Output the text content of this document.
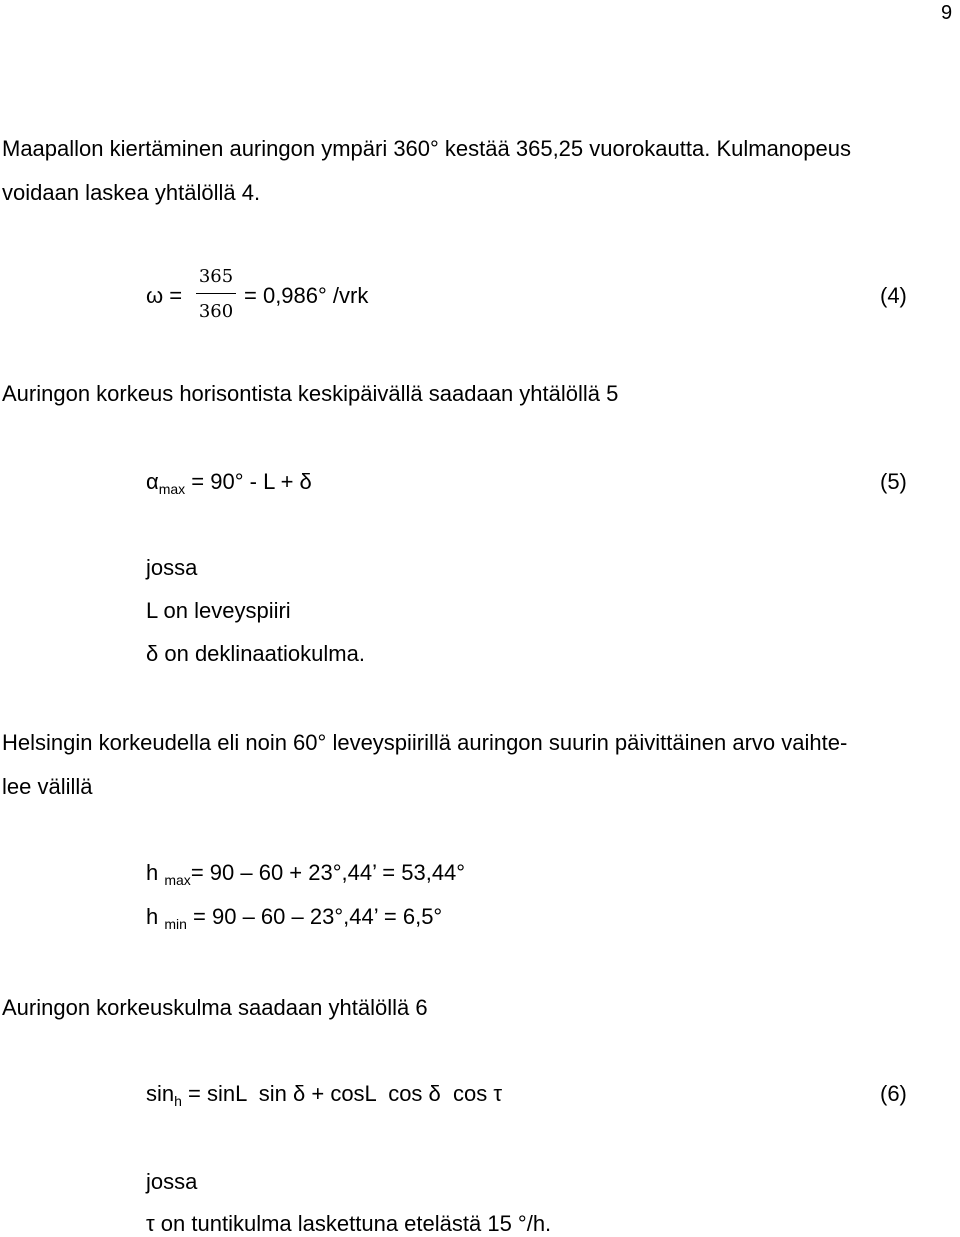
9
Maapallon kiertäminen auringon ympäri 360° kestää 365,25 vuorokautta. Kulmanopeus
voidaan laskea yhtälöllä 4.
ω =
365
360
= 0,986° /vrk	(4)
Auringon korkeus horisontista keskipäivällä saadaan yhtälöllä 5
$\alpha_{max} = 90^\circ - L + \delta$	(5)
jossa
L on leveyspiiri
δ on deklinaatiokulma.
Helsingin korkeudella eli noin 60° leveyspiirillä auringon suurin päivittäinen arvo vaihte-
lee välillä
h $_{max}$= 90 – 60 + 23°,44’ = 53,44°
h $_{min}$ = 90 – 60 – 23°,44’ = 6,5°
Auringon korkeuskulma saadaan yhtälöllä 6
$\sin_h = \sin L$  sin δ + cosL  cos δ  cos τ	(6)
jossa
τ on tuntikulma laskettuna etelästä 15 °/h.
